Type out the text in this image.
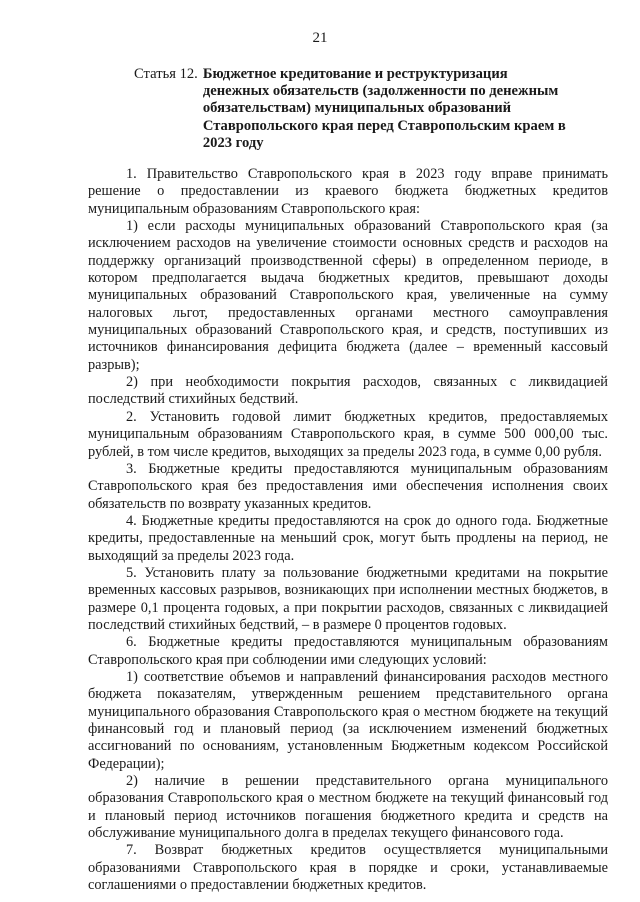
21
Статья 12. Бюджетное кредитование и реструктуризация денежных обязательств (задолженности по денежным обязательствам) муниципальных образований Ставропольского края перед Ставропольским краем в 2023 году

1. Правительство Ставропольского края в 2023 году вправе принимать решение о предоставлении из краевого бюджета бюджетных кредитов муниципальным образованиям Ставропольского края:

1) если расходы муниципальных образований Ставропольского края (за исключением расходов на увеличение стоимости основных средств и расходов на поддержку организаций производственной сферы) в определенном периоде, в котором предполагается выдача бюджетных кредитов, превышают доходы муниципальных образований Ставропольского края, увеличенные на сумму налоговых льгот, предоставленных органами местного самоуправления муниципальных образований Ставропольского края, и средств, поступивших из источников финансирования дефицита бюджета (далее – временный кассовый разрыв);

2) при необходимости покрытия расходов, связанных с ликвидацией последствий стихийных бедствий.

2. Установить годовой лимит бюджетных кредитов, предоставляемых муниципальным образованиям Ставропольского края, в сумме 500 000,00 тыс. рублей, в том числе кредитов, выходящих за пределы 2023 года, в сумме 0,00 рубля.

3. Бюджетные кредиты предоставляются муниципальным образованиям Ставропольского края без предоставления ими обеспечения исполнения своих обязательств по возврату указанных кредитов.

4. Бюджетные кредиты предоставляются на срок до одного года. Бюджетные кредиты, предоставленные на меньший срок, могут быть продлены на период, не выходящий за пределы 2023 года.

5. Установить плату за пользование бюджетными кредитами на покрытие временных кассовых разрывов, возникающих при исполнении местных бюджетов, в размере 0,1 процента годовых, а при покрытии расходов, связанных с ликвидацией последствий стихийных бедствий, – в размере 0 процентов годовых.

6. Бюджетные кредиты предоставляются муниципальным образованиям Ставропольского края при соблюдении ими следующих условий:

1) соответствие объемов и направлений финансирования расходов местного бюджета показателям, утвержденным решением представительного органа муниципального образования Ставропольского края о местном бюджете на текущий финансовый год и плановый период (за исключением изменений бюджетных ассигнований по основаниям, установленным Бюджетным кодексом Российской Федерации);

2) наличие в решении представительного органа муниципального образования Ставропольского края о местном бюджете на текущий финансовый год и плановый период источников погашения бюджетного кредита и средств на обслуживание муниципального долга в пределах текущего финансового года.

7. Возврат бюджетных кредитов осуществляется муниципальными образованиями Ставропольского края в порядке и сроки, устанавливаемые соглашениями о предоставлении бюджетных кредитов.
